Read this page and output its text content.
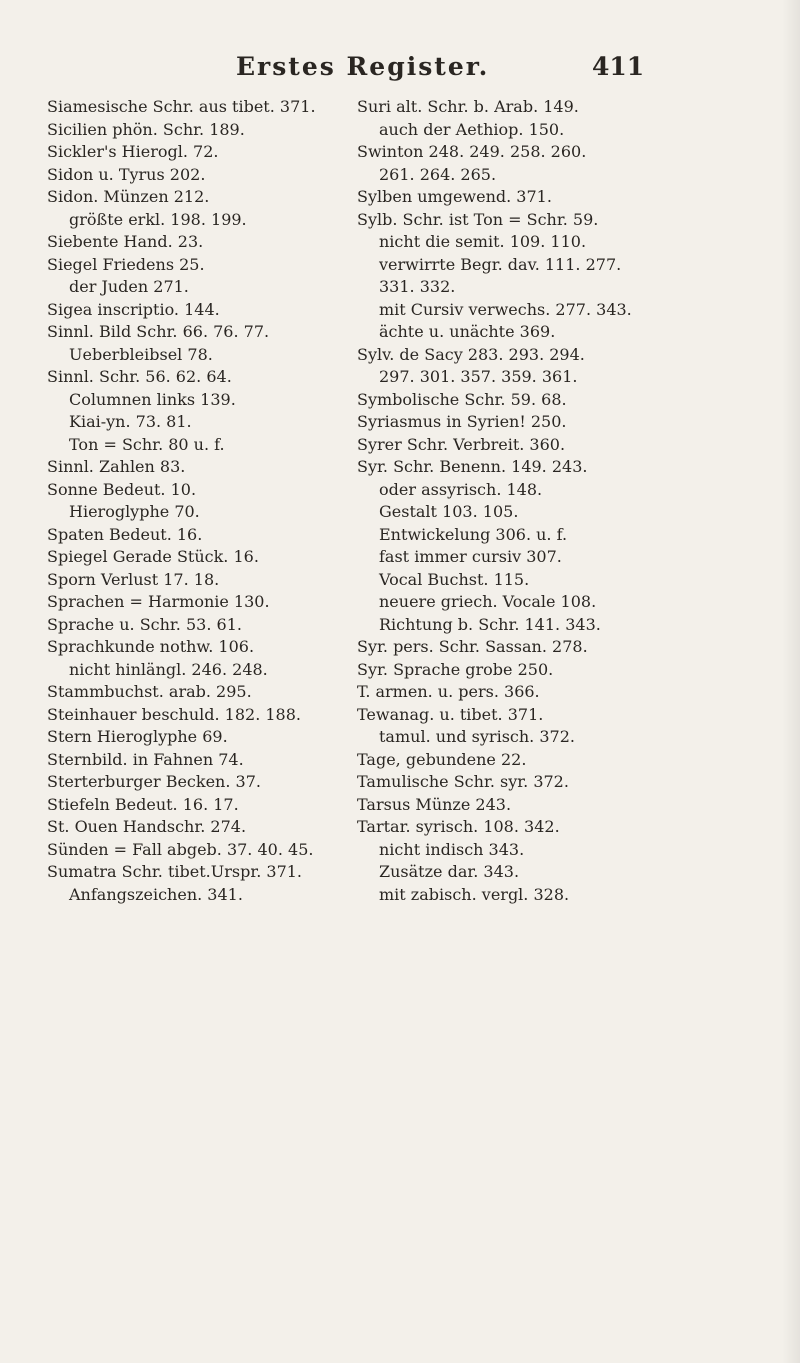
Erstes Register.	411
Siamesische Schr. aus tibet. 371.
Sicilien phön. Schr. 189.
Sickler's Hierogl. 72.
Sidon u. Tyrus 202.
Sidon. Münzen 212.
größte erkl. 198. 199.
Siebente Hand. 23.
Siegel Friedens 25.
der Juden 271.
Sigea inscriptio. 144.
Sinnl. Bild Schr. 66. 76. 77.
Ueberbleibsel 78.
Sinnl. Schr. 56. 62. 64.
Columnen links 139.
Kiai-yn. 73. 81.
Ton = Schr. 80 u. f.
Sinnl. Zahlen 83.
Sonne Bedeut. 10.
Hieroglyphe 70.
Spaten Bedeut. 16.
Spiegel Gerade Stück. 16.
Sporn Verlust 17. 18.
Sprachen = Harmonie 130.
Sprache u. Schr. 53. 61.
Sprachkunde nothw. 106.
nicht hinlängl. 246. 248.
Stammbuchst. arab. 295.
Steinhauer beschuld. 182. 188.
Stern Hieroglyphe 69.
Sternbild. in Fahnen 74.
Sterterburger Becken. 37.
Stiefeln Bedeut. 16. 17.
St. Ouen Handschr. 274.
Sünden = Fall abgeb. 37. 40. 45.
Sumatra Schr. tibet.Urspr. 371.
Anfangszeichen. 341.
Suri alt. Schr. b. Arab. 149.
auch der Aethiop. 150.
Swinton 248. 249. 258. 260.
261. 264. 265.
Sylben umgewend. 371.
Sylb. Schr. ist Ton = Schr. 59.
nicht die semit. 109. 110.
verwirrte Begr. dav. 111. 277.
331. 332.
mit Cursiv verwechs. 277. 343.
ächte u. unächte 369.
Sylv. de Sacy 283. 293. 294.
297. 301. 357. 359. 361.
Symbolische Schr. 59. 68.
Syriasmus in Syrien! 250.
Syrer Schr. Verbreit. 360.
Syr. Schr. Benenn. 149. 243.
oder assyrisch. 148.
Gestalt 103. 105.
Entwickelung 306. u. f.
fast immer cursiv 307.
Vocal Buchst. 115.
neuere griech. Vocale 108.
Richtung b. Schr. 141. 343.
Syr. pers. Schr. Sassan. 278.
Syr. Sprache grobe 250.
T. armen. u. pers. 366.
Tewanag. u. tibet. 371.
tamul. und syrisch. 372.
Tage, gebundene 22.
Tamulische Schr. syr. 372.
Tarsus Münze 243.
Tartar. syrisch. 108. 342.
nicht indisch 343.
Zusätze dar. 343.
mit zabisch. vergl. 328.
